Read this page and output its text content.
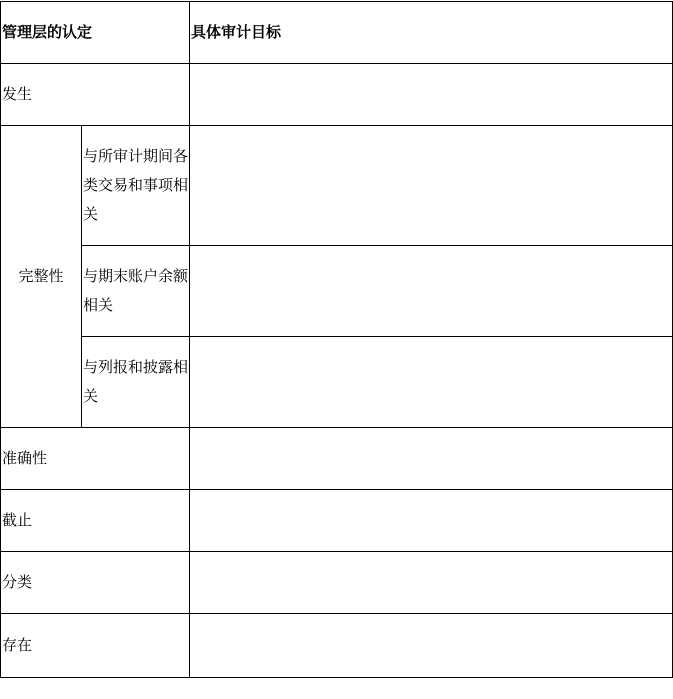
管理层的认定		具体审计目标
发生		
完整性	与所审计期间各类交易和事项相关	
	与期末账户余额相关	
	与列报和披露相关	
准确性		
截止		
分类		
存在		
